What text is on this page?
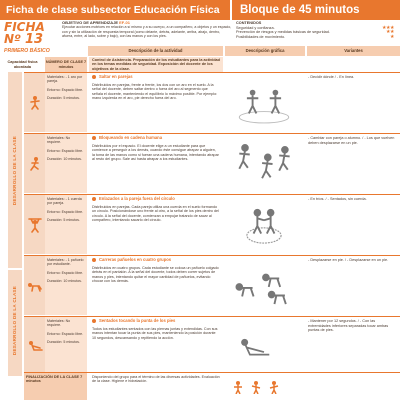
Ficha de clase subsector Educación Física	Bloque de 45 minutos
FICHA Nº 13
PRIMERO BÁSICO
OBJETIVO DE APRENDIZAJE EF-01
Ejecutar acciones motrices en relación a sí mismo y a su cuerpo, a un compañero, a objetos y un espacio, con y sin la utilización de respuesta temporal (como delante, detrás, adelante, arriba, abajo, dentro, afuera, entre, al lado, sobre y bajo), con las manos y con los pies.
CONTENIDOS
Seguridad y confianza.	★★★
Prevención de riesgos y medidas básicas de seguridad.	★★
Posibilidades de movimiento.	★
Descripción de la actividad	Descripción gráfica	Variantes
Capacidad física abordada
NÚMERO DE CLASE 7 minutos
Control de Asistencia. Preparación de los estudiantes para la actividad en los temas medidas de seguridad. Exposición del docente de los objetivos de la clase.
DESARROLLO DE LA CLASE
DESARROLLO DE LA CLASE

Materiales: - 1 aro por pareja.

Entorno: Espacio libre.

Duración: 5 minutos.

Saltar en parejas
Distribuidos en parejas, frente a frente, los dos con un aro en el suelo. A la señal del docente, deben saltar dentro o fuera del aro al segmento que señala el docente, manteniendo el equilibrio lo máximo posible. Por ejemplo: mano izquierda en el aro, pie derecho fuera del aro.
- Decidir dónde / - En línea.

Materiales: No requiere.

Entorno: Espacio libre.

Duración: 10 minutos.

Bloqueando en cadena humana
Distribuidos por el espacio. El docente elige a un estudiante para que comience a perseguir a los demás, cuando éste consigue atrapar a alguien, la toma de las manos como si fueran una cadena humana, intentando atrapar al resto del grupo. Sale así hasta atrapar a los estudiantes.
- Cambiar con pareja o alumno. / - Los que vuelven deben desplazarse en un pie.

Materiales: - 1 cuerda por pareja.

Entorno: Espacio libre.

Duración: 5 minutos.

Enlazados a la pareja fuera del círculo
Distribuidos en parejas. Cada pareja utiliza una cuerda en el suelo formando un círculo. Posicionándose uno frente al otro, a la señal de los pies dentro del círculo. A la señal del docente, comienzan a empujar tratando de sacar al compañero, intentando sacarlo del círculo.
- En tríos. / - Sentados, sin cuerda.

Materiales: - 1 pañuelo por estudiante.

Entorno: Espacio libre.

Duración: 10 minutos.

Carreras pañuelos en cuatro grupos
Distribuidos en cuatro grupos. Cada estudiante se coloca un pañuelo colgado detrás en el pantalón. A la señal del docente, todos deben correr sujetos de manos y pies, intentando quitar el mayor cantidad de pañuelos, evitando chocar con los demás.
- Desplazarse en pie. / - Desplazarse en un pie.

Materiales: No requiere.

Entorno: Espacio libre.

Duración: 5 minutos.

Sentados tocando la punta de los pies
Todos los estudiantes sentados con las piernas juntas y extendidas. Con sus manos intentan tocar la punta de sus pies, manteniendo la posición durante 10 segundos, descansando y repitiendo la acción.
- Mantener por 12 segundos. / - Con las extremidades inferiores separadas tocar ambas puntas de pies.
FINALIZACIÓN DE LA CLASE 7 minutos
Disponiendo del grupo para el término de las diversas actividades. Evaluación de la clase. Higiene e hidratación.
